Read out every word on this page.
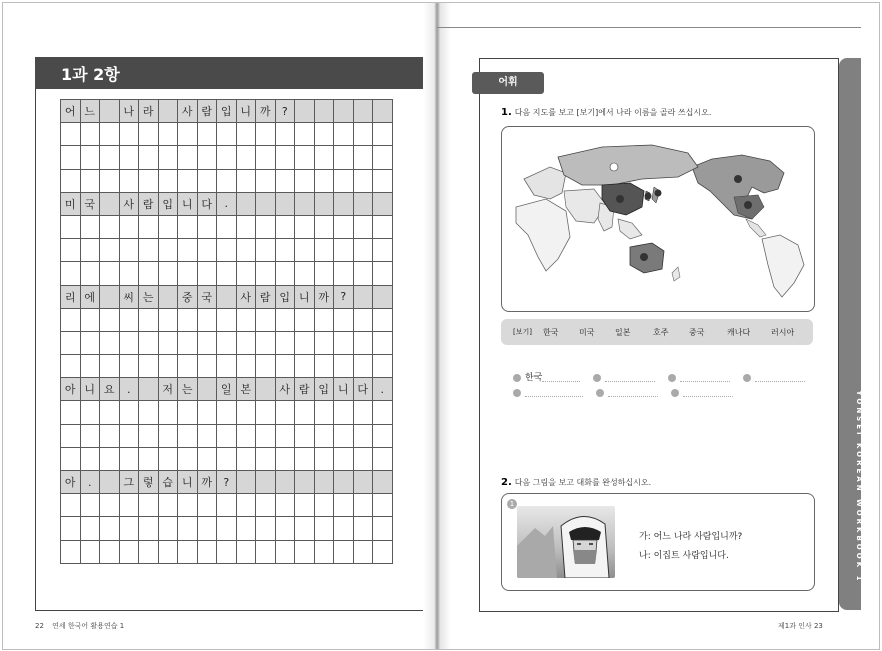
1과 2항
어	느		나	라		사	람	입	니	까	?					

미	국		사	람	입	니	다	.								

리	에		씨	는		중	국		사	람	입	니	까	?		

아	니	요	.		저	는		일	본		사	람	입	니	다	.

아	.		그	렇	습	니	까	?								

22 연세 한국어 활용연습 1
YONSEI KOREAN WORKBOOK 1
어휘
1. 다음 지도를 보고 [보기]에서 나라 이름을 골라 쓰십시오.
[보기] 한국	미국	일본	호주	중국	캐나다	러시아
한국

2. 다음 그림을 보고 대화를 완성하십시오.
1
가: 어느 나라 사람입니까?
나: 이집트 사람입니다.
제1과 인사 23
